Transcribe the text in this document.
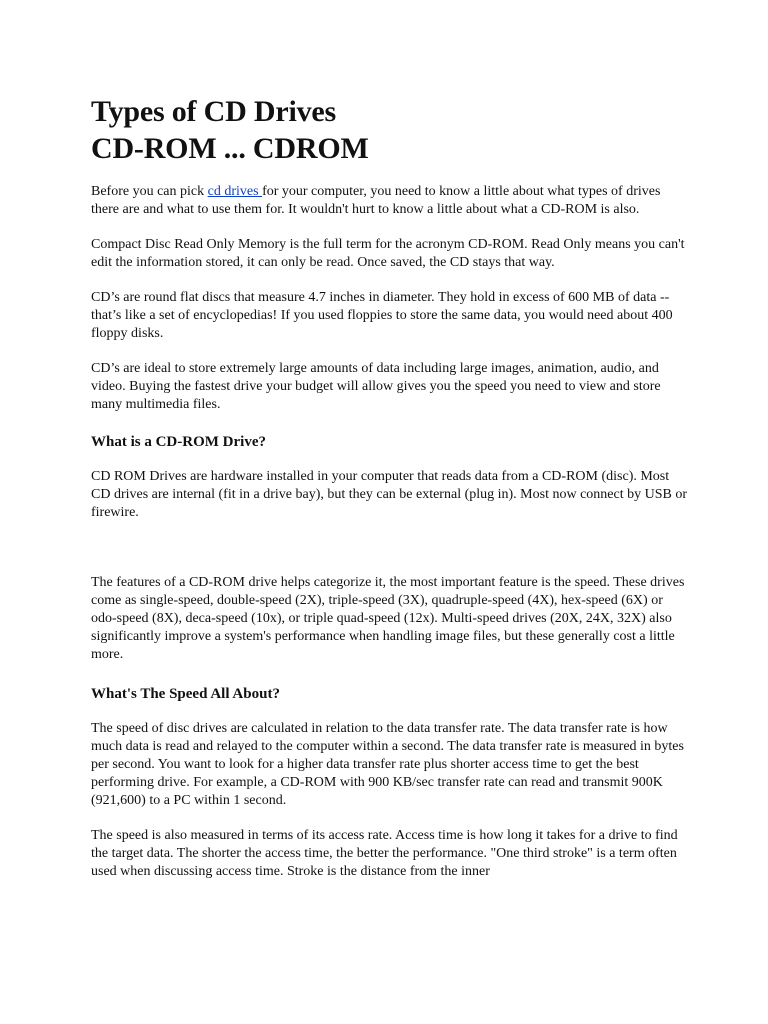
Types of CD Drives
CD-ROM ... CDROM

Before you can pick cd drives for your computer, you need to know a little about what types of drives there are and what to use them for. It wouldn't hurt to know a little about what a CD-ROM is also.

Compact Disc Read Only Memory is the full term for the acronym CD-ROM. Read Only means you can't edit the information stored, it can only be read. Once saved, the CD stays that way.

CD’s are round flat discs that measure 4.7 inches in diameter. They hold in excess of 600 MB of data -- that’s like a set of encyclopedias! If you used floppies to store the same data, you would need about 400 floppy disks.

CD’s are ideal to store extremely large amounts of data including large images, animation, audio, and video. Buying the fastest drive your budget will allow gives you the speed you need to view and store many multimedia files.

What is a CD-ROM Drive?

CD ROM Drives are hardware installed in your computer that reads data from a CD-ROM (disc). Most CD drives are internal (fit in a drive bay), but they can be external (plug in). Most now connect by USB or firewire.

The features of a CD-ROM drive helps categorize it, the most important feature is the speed. These drives come as single-speed, double-speed (2X), triple-speed (3X), quadruple-speed (4X), hex-speed (6X) or odo-speed (8X), deca-speed (10x), or triple quad-speed (12x). Multi-speed drives (20X, 24X, 32X) also significantly improve a system's performance when handling image files, but these generally cost a little more.

What's The Speed All About?

The speed of disc drives are calculated in relation to the data transfer rate. The data transfer rate is how much data is read and relayed to the computer within a second. The data transfer rate is measured in bytes per second. You want to look for a higher data transfer rate plus shorter access time to get the best performing drive. For example, a CD-ROM with 900 KB/sec transfer rate can read and transmit 900K (921,600) to a PC within 1 second.

The speed is also measured in terms of its access rate. Access time is how long it takes for a drive to find the target data. The shorter the access time, the better the performance. "One third stroke" is a term often used when discussing access time. Stroke is the distance from the inner
